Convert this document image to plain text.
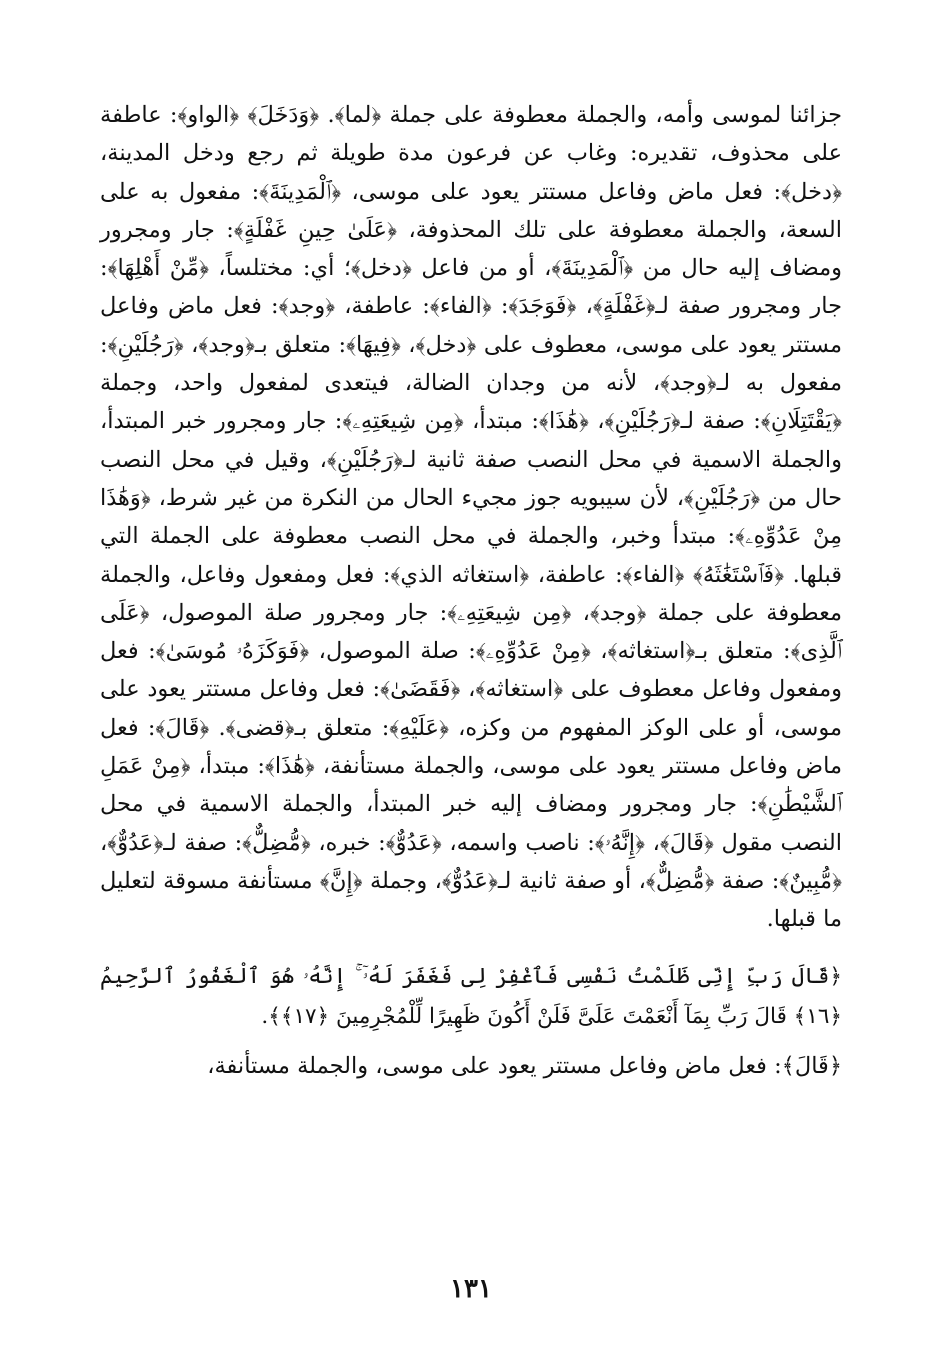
جزائنا لموسى وأمه، والجملة معطوفة على جملة ﴿لما﴾. ﴿وَدَخَلَ﴾ ﴿الواو﴾: عاطفة على محذوف، تقديره: وغاب عن فرعون مدة طويلة ثم رجع ودخل المدينة، ﴿دخل﴾: فعل ماض وفاعل مستتر يعود على موسى، ﴿ٱلْمَدِينَةَ﴾: مفعول به على السعة، والجملة معطوفة على تلك المحذوفة، ﴿عَلَىٰ حِينِ غَفْلَةٍ﴾: جار ومجرور ومضاف إليه حال من ﴿ٱلْمَدِينَةَ﴾، أو من فاعل ﴿دخل﴾؛ أي: مختلساً، ﴿مِّنْ أَهْلِهَا﴾: جار ومجرور صفة لـ﴿غَفْلَةٍ﴾، ﴿فَوَجَدَ﴾: ﴿الفاء﴾: عاطفة، ﴿وجد﴾: فعل ماض وفاعل مستتر يعود على موسى، معطوف على ﴿دخل﴾، ﴿فِيهَا﴾: متعلق بـ﴿وجد﴾، ﴿رَجُلَيْنِ﴾: مفعول به لـ﴿وجد﴾، لأنه من وجدان الضالة، فيتعدى لمفعول واحد، وجملة ﴿يَقْتَتِلَانِ﴾: صفة لـ﴿رَجُلَيْنِ﴾، ﴿هَٰذَا﴾: مبتدأ، ﴿مِن شِيعَتِهِۦ﴾: جار ومجرور خبر المبتدأ، والجملة الاسمية في محل النصب صفة ثانية لـ﴿رَجُلَيْنِ﴾، وقيل في محل النصب حال من ﴿رَجُلَيْنِ﴾، لأن سيبويه جوز مجيء الحال من النكرة من غير شرط، ﴿وَهَٰذَا مِنْ عَدُوِّهِۦ﴾: مبتدأ وخبر، والجملة في محل النصب معطوفة على الجملة التي قبلها. ﴿فَٱسْتَغَٰثَهُ﴾ ﴿الفاء﴾: عاطفة، ﴿استغاثه الذي﴾: فعل ومفعول وفاعل، والجملة معطوفة على جملة ﴿وجد﴾، ﴿مِن شِيعَتِهِۦ﴾: جار ومجرور صلة الموصول، ﴿عَلَى ٱلَّذِى﴾: متعلق بـ﴿استغاثه﴾، ﴿مِنْ عَدُوِّهِۦ﴾: صلة الموصول، ﴿فَوَكَزَهُۥ مُوسَىٰ﴾: فعل ومفعول وفاعل معطوف على ﴿استغاثه﴾، ﴿فَقَضَىٰ﴾: فعل وفاعل مستتر يعود على موسى، أو على الوكز المفهوم من وكزه، ﴿عَلَيْهِ﴾: متعلق بـ﴿قضى﴾. ﴿قَالَ﴾: فعل ماض وفاعل مستتر يعود على موسى، والجملة مستأنفة، ﴿هَٰذَا﴾: مبتدأ، ﴿مِنْ عَمَلِ ٱلشَّيْطَٰنِ﴾: جار ومجرور ومضاف إليه خبر المبتدأ، والجملة الاسمية في محل النصب مقول ﴿قَالَ﴾، ﴿إِنَّهُۥ﴾: ناصب واسمه، ﴿عَدُوٌّ﴾: خبره، ﴿مُّضِلٌّ﴾: صفة لـ﴿عَدُوٌّ﴾، ﴿مُّبِينٌ﴾: صفة ﴿مُّضِلٌّ﴾، أو صفة ثانية لـ﴿عَدُوٌّ﴾، وجملة ﴿إِنَّ﴾ مستأنفة مسوقة لتعليل ما قبلها.

﴿قَالَ رَبِّ إِنِّى ظَلَمْتُ نَفْسِى فَٱغْفِرْ لِى فَغَفَرَ لَهُۥٓ ۚ إِنَّهُۥ هُوَ ٱلْغَفُورُ ٱلرَّحِيمُ ﴿١٦﴾ قَالَ رَبِّ بِمَآ أَنْعَمْتَ عَلَىَّ فَلَنْ أَكُونَ ظَهِيرًا لِّلْمُجْرِمِينَ ﴿١٧﴾﴾.

﴿قَالَ﴾: فعل ماض وفاعل مستتر يعود على موسى، والجملة مستأنفة،

١٣١
